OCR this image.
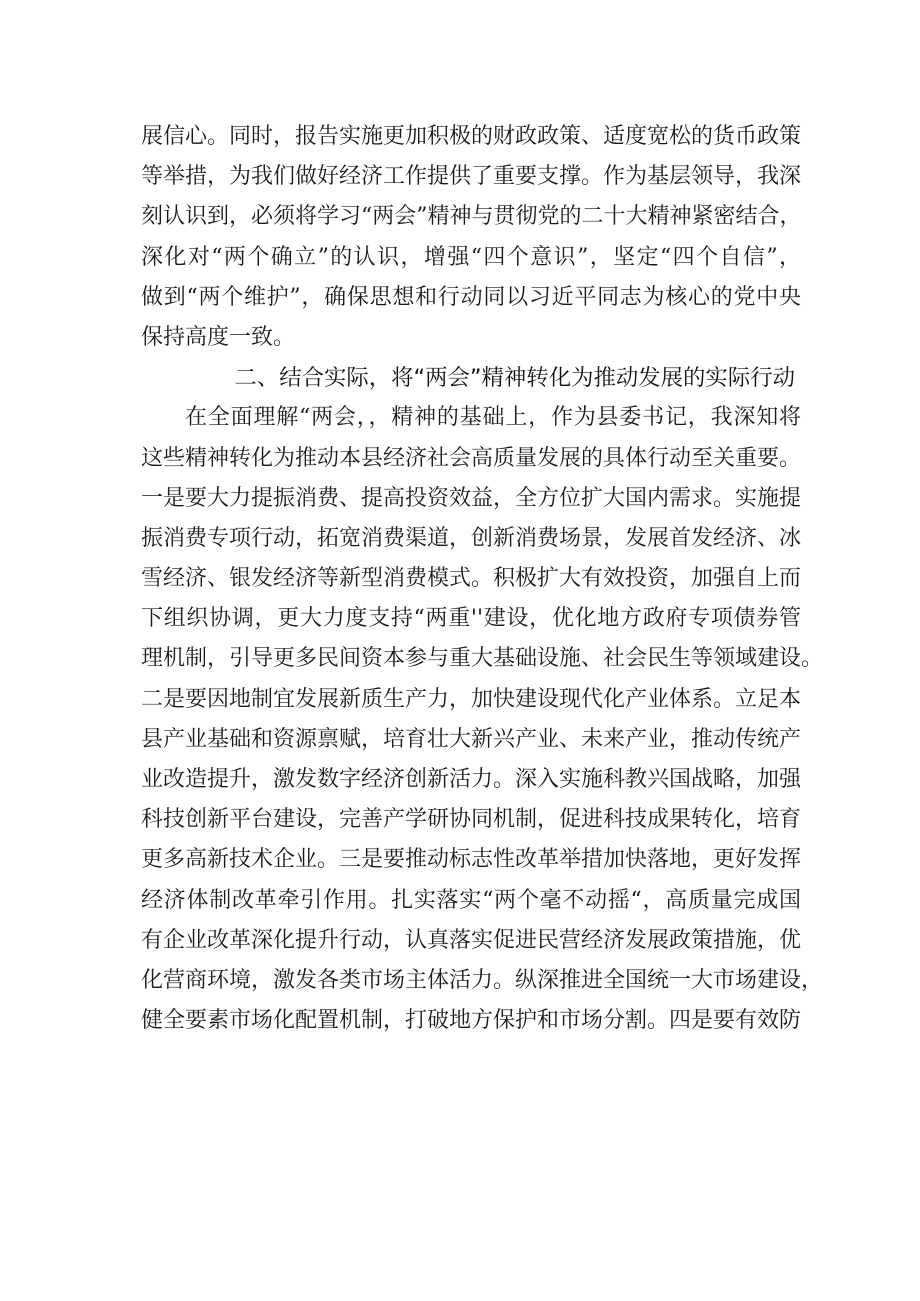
展信心。同时，报告实施更加积极的财政政策、适度宽松的货币政策
等举措，为我们做好经济工作提供了重要支撑。作为基层领导，我深
刻认识到，必须将学习“两会”精神与贯彻党的二十大精神紧密结合，
深化对“两个确立”的认识，增强“四个意识”，坚定“四个自信”，
做到“两个维护”，确保思想和行动同以习近平同志为核心的党中央
保持高度一致。
二、结合实际，将“两会”精神转化为推动发展的实际行动
在全面理解“两会，，精神的基础上，作为县委书记，我深知将
这些精神转化为推动本县经济社会高质量发展的具体行动至关重要。
一是要大力提振消费、提高投资效益，全方位扩大国内需求。实施提
振消费专项行动，拓宽消费渠道，创新消费场景，发展首发经济、冰
雪经济、银发经济等新型消费模式。积极扩大有效投资，加强自上而
下组织协调，更大力度支持“两重''建设，优化地方政府专项债券管
理机制，引导更多民间资本参与重大基础设施、社会民生等领域建设。
二是要因地制宜发展新质生产力，加快建设现代化产业体系。立足本
县产业基础和资源禀赋，培育壮大新兴产业、未来产业，推动传统产
业改造提升，激发数字经济创新活力。深入实施科教兴国战略，加强
科技创新平台建设，完善产学研协同机制，促进科技成果转化，培育
更多高新技术企业。三是要推动标志性改革举措加快落地，更好发挥
经济体制改革牵引作用。扎实落实“两个毫不动摇“，高质量完成国
有企业改革深化提升行动，认真落实促进民营经济发展政策措施，优
化营商环境，激发各类市场主体活力。纵深推进全国统一大市场建设，
健全要素市场化配置机制，打破地方保护和市场分割。四是要有效防
